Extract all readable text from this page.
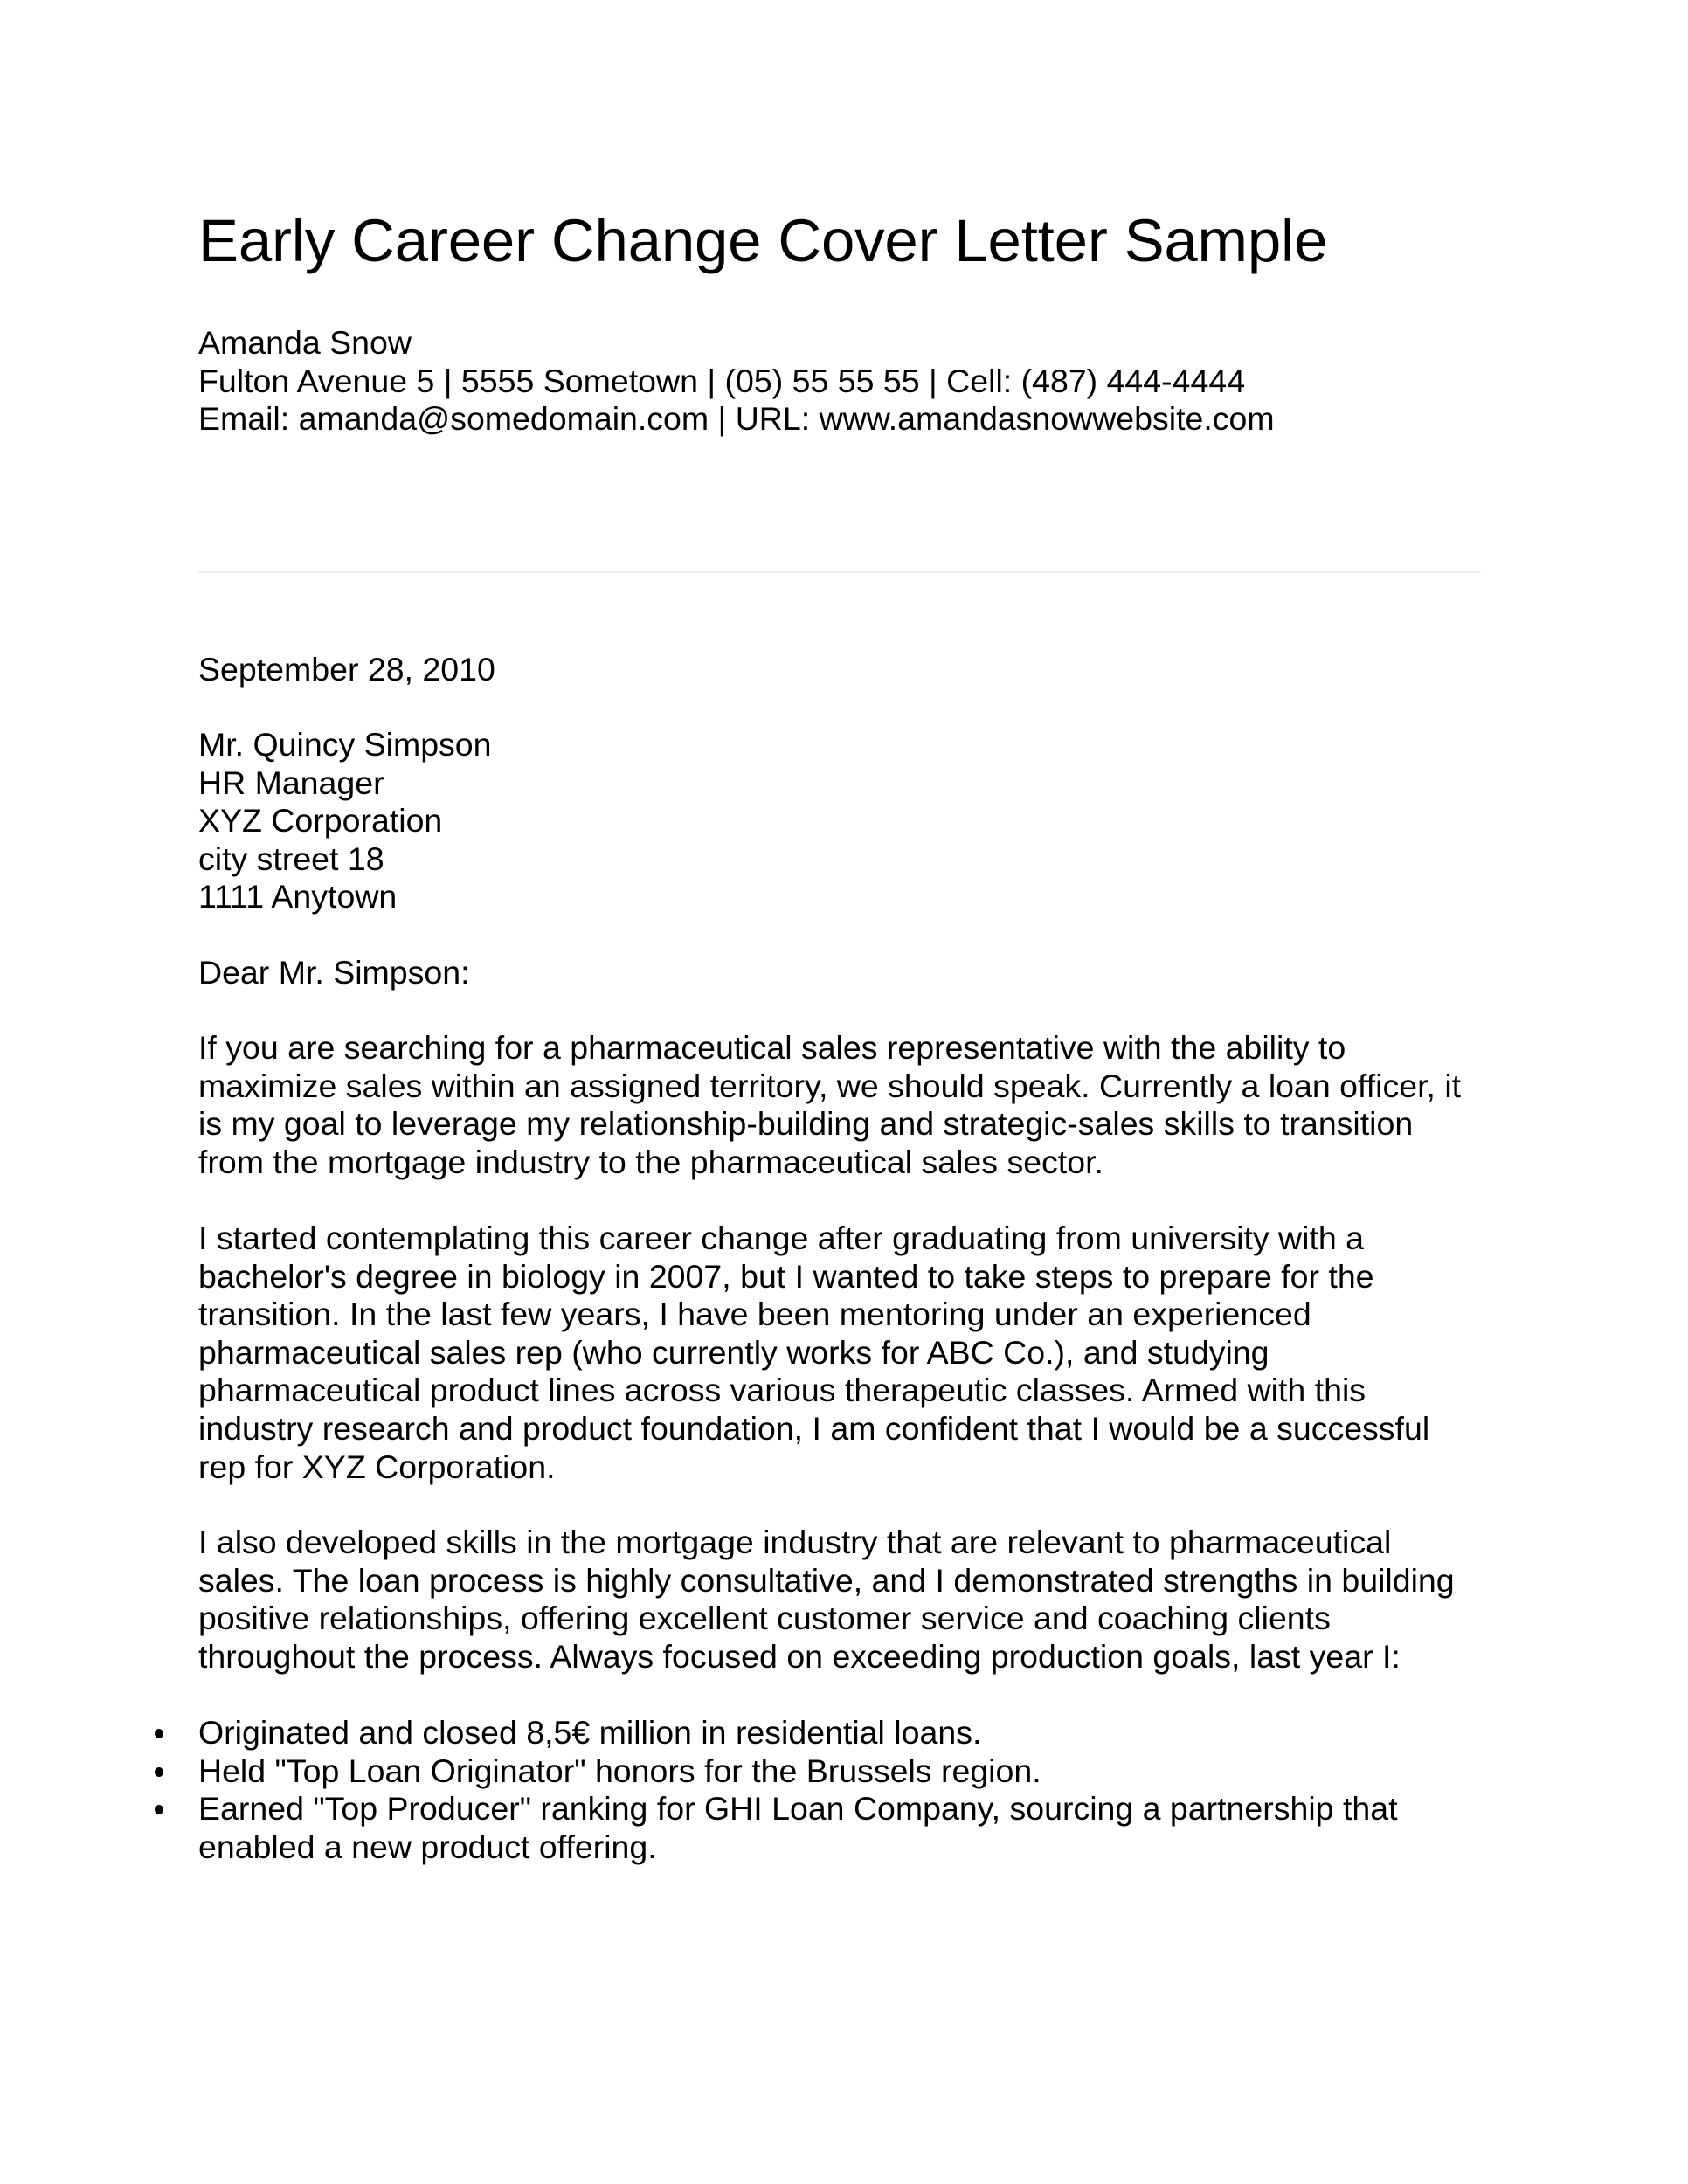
Early Career Change Cover Letter Sample
Amanda Snow
Fulton Avenue 5 | 5555 Sometown | (05) 55 55 55 | Cell: (487) 444-4444
Email: amanda@somedomain.com | URL: www.amandasnowwebsite.com
September 28, 2010
Mr. Quincy Simpson
HR Manager
XYZ Corporation
city street 18
1111 Anytown
Dear Mr. Simpson:
If you are searching for a pharmaceutical sales representative with the ability to
maximize sales within an assigned territory, we should speak. Currently a loan officer, it
is my goal to leverage my relationship-building and strategic-sales skills to transition
from the mortgage industry to the pharmaceutical sales sector.
I started contemplating this career change after graduating from university with a
bachelor's degree in biology in 2007, but I wanted to take steps to prepare for the
transition. In the last few years, I have been mentoring under an experienced
pharmaceutical sales rep (who currently works for ABC Co.), and studying
pharmaceutical product lines across various therapeutic classes. Armed with this
industry research and product foundation, I am confident that I would be a successful
rep for XYZ Corporation.
I also developed skills in the mortgage industry that are relevant to pharmaceutical
sales. The loan process is highly consultative, and I demonstrated strengths in building
positive relationships, offering excellent customer service and coaching clients
throughout the process. Always focused on exceeding production goals, last year I:
Originated and closed 8,5€ million in residential loans.
Held "Top Loan Originator" honors for the Brussels region.
Earned "Top Producer" ranking for GHI Loan Company, sourcing a partnership that
enabled a new product offering.
